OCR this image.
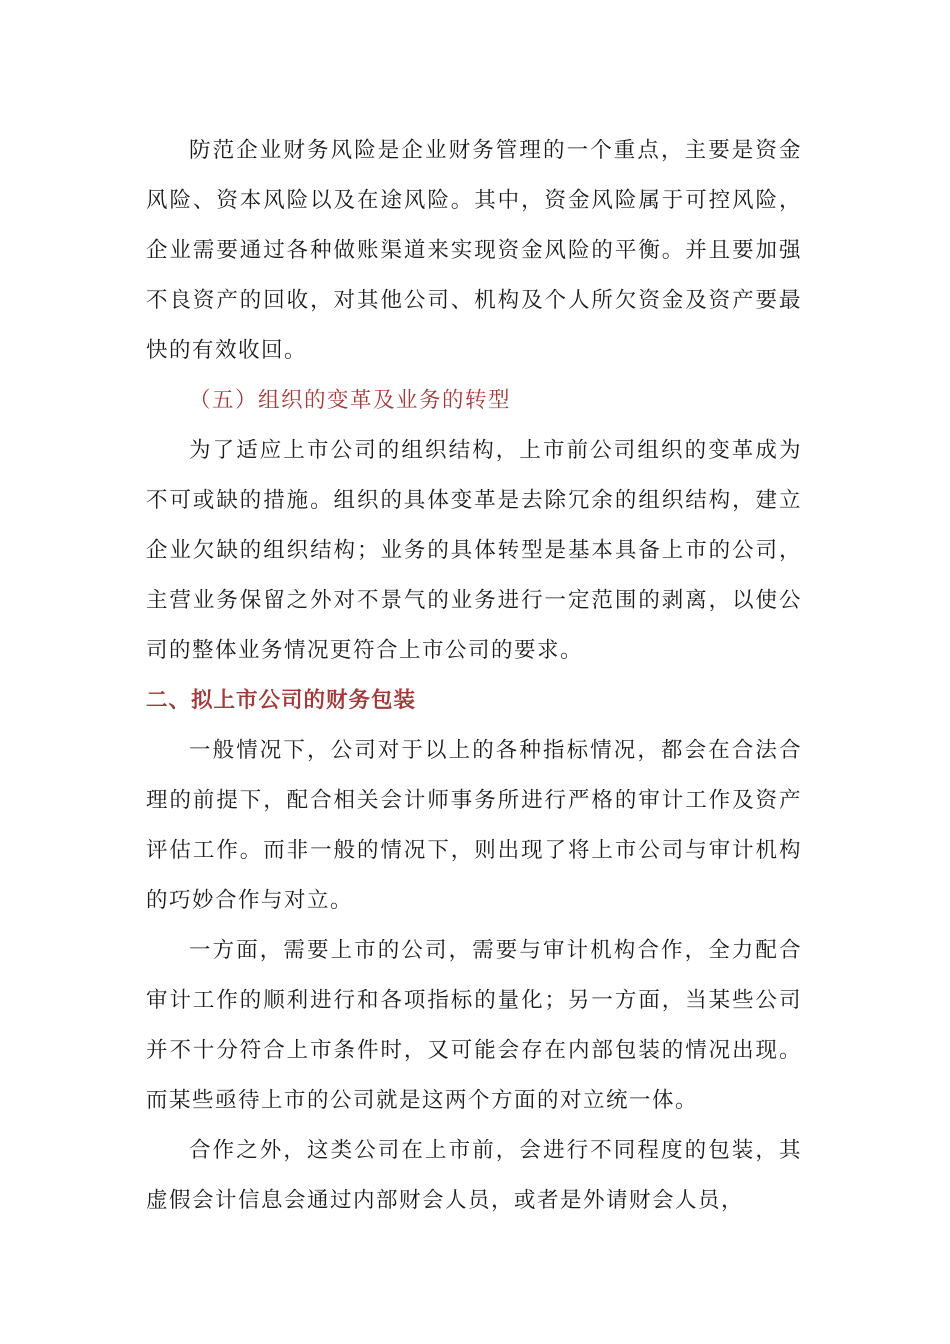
防范企业财务风险是企业财务管理的一个重点，主要是资金风险、资本风险以及在途风险。其中，资金风险属于可控风险，企业需要通过各种做账渠道来实现资金风险的平衡。并且要加强不良资产的回收，对其他公司、机构及个人所欠资金及资产要最快的有效收回。

（五）组织的变革及业务的转型

为了适应上市公司的组织结构，上市前公司组织的变革成为不可或缺的措施。组织的具体变革是去除冗余的组织结构，建立企业欠缺的组织结构；业务的具体转型是基本具备上市的公司，主营业务保留之外对不景气的业务进行一定范围的剥离，以使公司的整体业务情况更符合上市公司的要求。

二、拟上市公司的财务包装

一般情况下，公司对于以上的各种指标情况，都会在合法合理的前提下，配合相关会计师事务所进行严格的审计工作及资产评估工作。而非一般的情况下，则出现了将上市公司与审计机构的巧妙合作与对立。

一方面，需要上市的公司，需要与审计机构合作，全力配合审计工作的顺利进行和各项指标的量化；另一方面，当某些公司并不十分符合上市条件时，又可能会存在内部包装的情况出现。而某些亟待上市的公司就是这两个方面的对立统一体。

合作之外，这类公司在上市前，会进行不同程度的包装，其虚假会计信息会通过内部财会人员，或者是外请财会人员，
